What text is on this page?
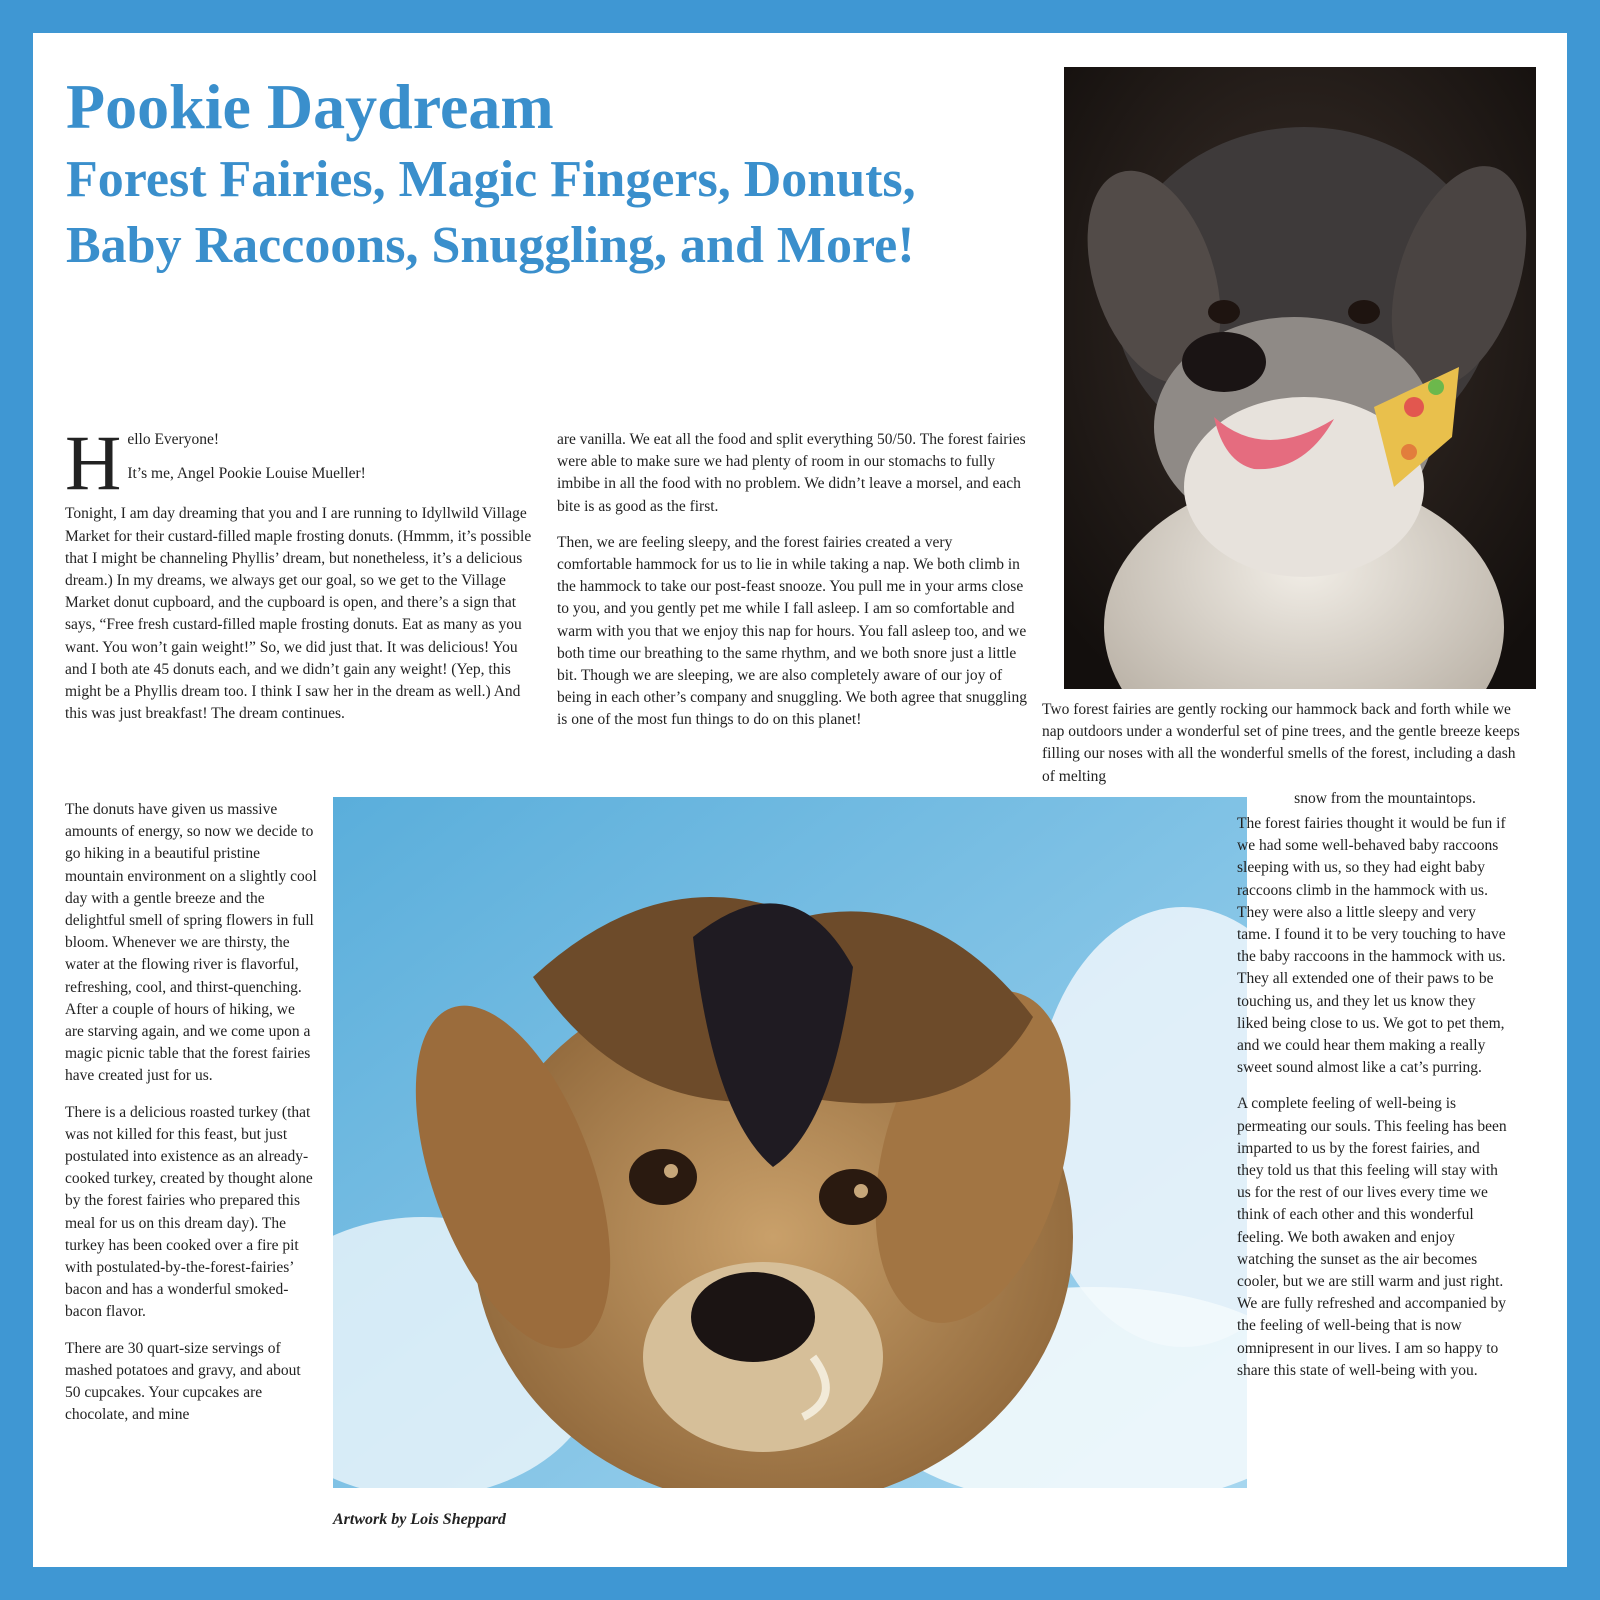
Pookie Daydream
Forest Fairies, Magic Fingers, Donuts, Baby Raccoons, Snuggling, and More!

H ello Everyone!
It’s me, Angel Pookie Louise Mueller!

Tonight, I am day dreaming that you and I are running to Idyllwild Village Market for their custard-filled maple frosting donuts. (Hmmm, it’s possible that I might be channeling Phyllis’ dream, but nonetheless, it’s a delicious dream.) In my dreams, we always get our goal, so we get to the Village Market donut cupboard, and the cupboard is open, and there’s a sign that says, “Free fresh custard-filled maple frosting donuts. Eat as many as you want. You won’t gain weight!” So, we did just that. It was delicious! You and I both ate 45 donuts each, and we didn’t gain any weight! (Yep, this might be a Phyllis dream too. I think I saw her in the dream as well.) And this was just breakfast! The dream continues.

are vanilla. We eat all the food and split everything 50/50. The forest fairies were able to make sure we had plenty of room in our stomachs to fully imbibe in all the food with no problem. We didn’t leave a morsel, and each bite is as good as the first.

Then, we are feeling sleepy, and the forest fairies created a very comfortable hammock for us to lie in while taking a nap. We both climb in the hammock to take our post-feast snooze. You pull me in your arms close to you, and you gently pet me while I fall asleep. I am so comfortable and warm with you that we enjoy this nap for hours. You fall asleep too, and we both time our breathing to the same rhythm, and we both snore just a little bit. Though we are sleeping, we are also completely aware of our joy of being in each other’s company and snuggling. We both agree that snuggling is one of the most fun things to do on this planet!

Two forest fairies are gently rocking our hammock back and forth while we nap outdoors under a wonderful set of pine trees, and the gentle breeze keeps filling our noses with all the wonderful smells of the forest, including a dash of melting
snow from the mountaintops.

The donuts have given us massive amounts of energy, so now we decide to go hiking in a beautiful pristine mountain environment on a slightly cool day with a gentle breeze and the delightful smell of spring flowers in full bloom. Whenever we are thirsty, the water at the flowing river is flavorful, refreshing, cool, and thirst-quenching. After a couple of hours of hiking, we are starving again, and we come upon a magic picnic table that the forest fairies have created just for us.

There is a delicious roasted turkey (that was not killed for this feast, but just postulated into existence as an already-cooked turkey, created by thought alone by the forest fairies who prepared this meal for us on this dream day). The turkey has been cooked over a fire pit with postulated-by-the-forest-fairies’ bacon and has a wonderful smoked-bacon flavor.

There are 30 quart-size servings of mashed potatoes and gravy, and about 50 cupcakes. Your cupcakes are chocolate, and mine

Artwork by Lois Sheppard

The forest fairies thought it would be fun if we had some well-behaved baby raccoons sleeping with us, so they had eight baby raccoons climb in the hammock with us. They were also a little sleepy and very tame. I found it to be very touching to have the baby raccoons in the hammock with us. They all extended one of their paws to be touching us, and they let us know they liked being close to us. We got to pet them, and we could hear them making a really sweet sound almost like a cat’s purring.

A complete feeling of well-being is permeating our souls. This feeling has been imparted to us by the forest fairies, and they told us that this feeling will stay with us for the rest of our lives every time we think of each other and this wonderful feeling. We both awaken and enjoy watching the sunset as the air becomes cooler, but we are still warm and just right. We are fully refreshed and accompanied by the feeling of well-being that is now omnipresent in our lives. I am so happy to share this state of well-being with you.
